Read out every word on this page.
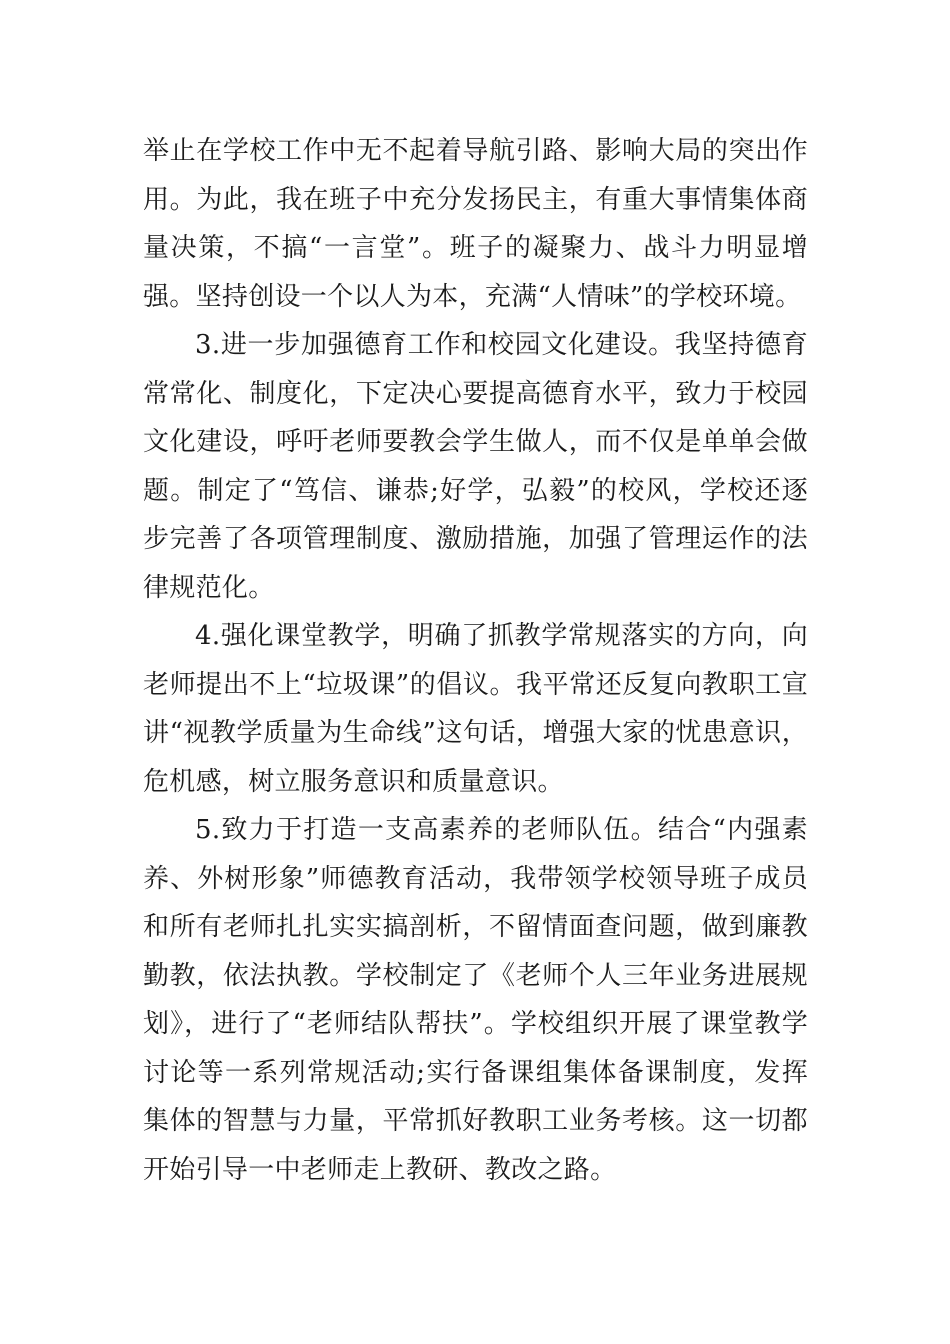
举止在学校工作中无不起着导航引路、影响大局的突出作用。为此，我在班子中充分发扬民主，有重大事情集体商量决策，不搞“一言堂”。班子的凝聚力、战斗力明显增强。坚持创设一个以人为本，充满“人情味”的学校环境。

3.进一步加强德育工作和校园文化建设。我坚持德育常常化、制度化，下定决心要提高德育水平，致力于校园文化建设，呼吁老师要教会学生做人，而不仅是单单会做题。制定了“笃信、谦恭;好学，弘毅”的校风，学校还逐步完善了各项管理制度、激励措施，加强了管理运作的法律规范化。

4.强化课堂教学，明确了抓教学常规落实的方向，向老师提出不上“垃圾课”的倡议。我平常还反复向教职工宣讲“视教学质量为生命线”这句话，增强大家的忧患意识，危机感，树立服务意识和质量意识。

5.致力于打造一支高素养的老师队伍。结合“内强素养、外树形象”师德教育活动，我带领学校领导班子成员和所有老师扎扎实实搞剖析，不留情面查问题，做到廉教勤教，依法执教。学校制定了《老师个人三年业务进展规划》，进行了“老师结队帮扶”。学校组织开展了课堂教学讨论等一系列常规活动;实行备课组集体备课制度，发挥集体的智慧与力量，平常抓好教职工业务考核。这一切都开始引导一中老师走上教研、教改之路。
